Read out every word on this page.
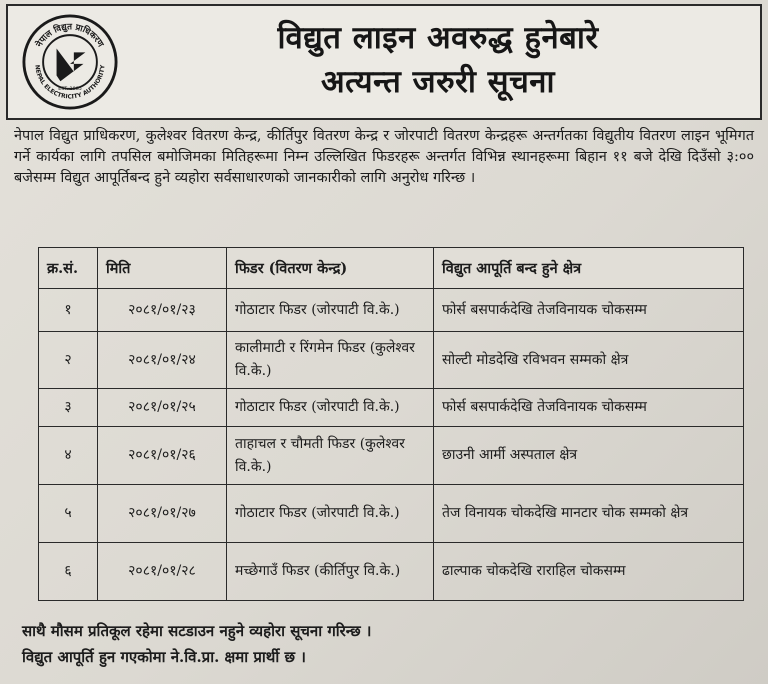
नेपाल विद्युत प्राधिकरण
NEPAL ELECTRICITY AUTHORITY
EST. 1985
विद्युत लाइन अवरुद्ध हुनेबारे
अत्यन्त जरुरी सूचना
नेपाल विद्युत प्राधिकरण, कुलेश्वर वितरण केन्द्र, कीर्तिपुर वितरण केन्द्र र जोरपाटी वितरण केन्द्रहरू अन्तर्गतका विद्युतीय वितरण लाइन भूमिगत गर्ने कार्यका लागि तपसिल बमोजिमका मितिहरूमा निम्न उल्लिखित फिडरहरू अन्तर्गत विभिन्न स्थानहरूमा बिहान ११ बजे देखि दिउँसो ३:०० बजेसम्म विद्युत आपूर्तिबन्द हुने व्यहोरा सर्वसाधारणको जानकारीको लागि अनुरोध गरिन्छ ।
क्र.सं.	मिति	फिडर (वितरण केन्द्र)	विद्युत आपूर्ति बन्द हुने क्षेत्र
१	२०८१/०१/२३	गोठाटार फिडर (जोरपाटी वि.के.)	फोर्स बसपार्कदेखि तेजविनायक चोकसम्म
२	२०८१/०१/२४	कालीमाटी र रिंगमेन फिडर (कुलेश्वर वि.के.)	सोल्टी मोडदेखि रविभवन सम्मको क्षेत्र
३	२०८१/०१/२५	गोठाटार फिडर (जोरपाटी वि.के.)	फोर्स बसपार्कदेखि तेजविनायक चोकसम्म
४	२०८१/०१/२६	ताहाचल र चौमती फिडर (कुलेश्वर वि.के.)	छाउनी आर्मी अस्पताल क्षेत्र
५	२०८१/०१/२७	गोठाटार फिडर (जोरपाटी वि.के.)	तेज विनायक चोकदेखि मानटार चोक सम्मको क्षेत्र
६	२०८१/०१/२८	मच्छेगाउँ फिडर (कीर्तिपुर वि.के.)	ढाल्पाक चोकदेखि राराहिल चोकसम्म
साथै मौसम प्रतिकूल रहेमा सटडाउन नहुने व्यहोरा सूचना गरिन्छ ।
विद्युत आपूर्ति हुन गएकोमा ने.वि.प्रा. क्षमा प्रार्थी छ ।
